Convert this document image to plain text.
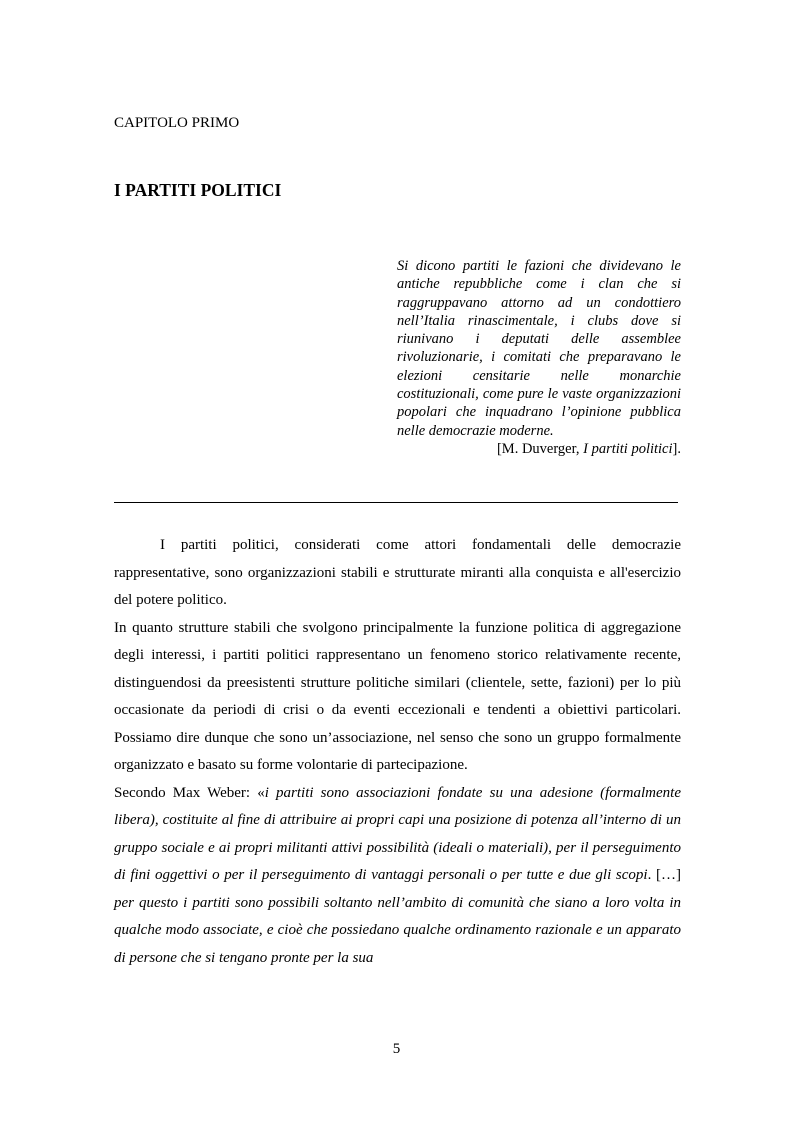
CAPITOLO PRIMO

I PARTITI POLITICI

Si dicono partiti le fazioni che dividevano le antiche repubbliche come i clan che si raggruppavano attorno ad un condottiero nell’Italia rinascimentale, i clubs dove si riunivano i deputati delle assemblee rivoluzionarie, i comitati che preparavano le elezioni censitarie nelle monarchie costituzionali, come pure le vaste organizzazioni popolari che inquadrano l’opinione pubblica nelle democrazie moderne.

[M. Duverger, I partiti politici].

I partiti politici, considerati come attori fondamentali delle democrazie rappresentative, sono organizzazioni stabili e strutturate miranti alla conquista e all'esercizio del potere politico.

In quanto strutture stabili che svolgono principalmente la funzione politica di aggregazione degli interessi, i partiti politici rappresentano un fenomeno storico relativamente recente, distinguendosi da preesistenti strutture politiche similari (clientele, sette, fazioni) per lo più occasionate da periodi di crisi o da eventi eccezionali e tendenti a obiettivi particolari. Possiamo dire dunque che sono un’associazione, nel senso che sono un gruppo formalmente organizzato e basato su forme volontarie di partecipazione.

Secondo Max Weber: «i partiti sono associazioni fondate su una adesione (formalmente libera), costituite al fine di attribuire ai propri capi una posizione di potenza all’interno di un gruppo sociale e ai propri militanti attivi possibilità (ideali o materiali), per il perseguimento di fini oggettivi o per il perseguimento di vantaggi personali o per tutte e due gli scopi. […] per questo i partiti sono possibili soltanto nell’ambito di comunità che siano a loro volta in qualche modo associate, e cioè che possiedano qualche ordinamento razionale e un apparato di persone che si tengano pronte per la sua

5
